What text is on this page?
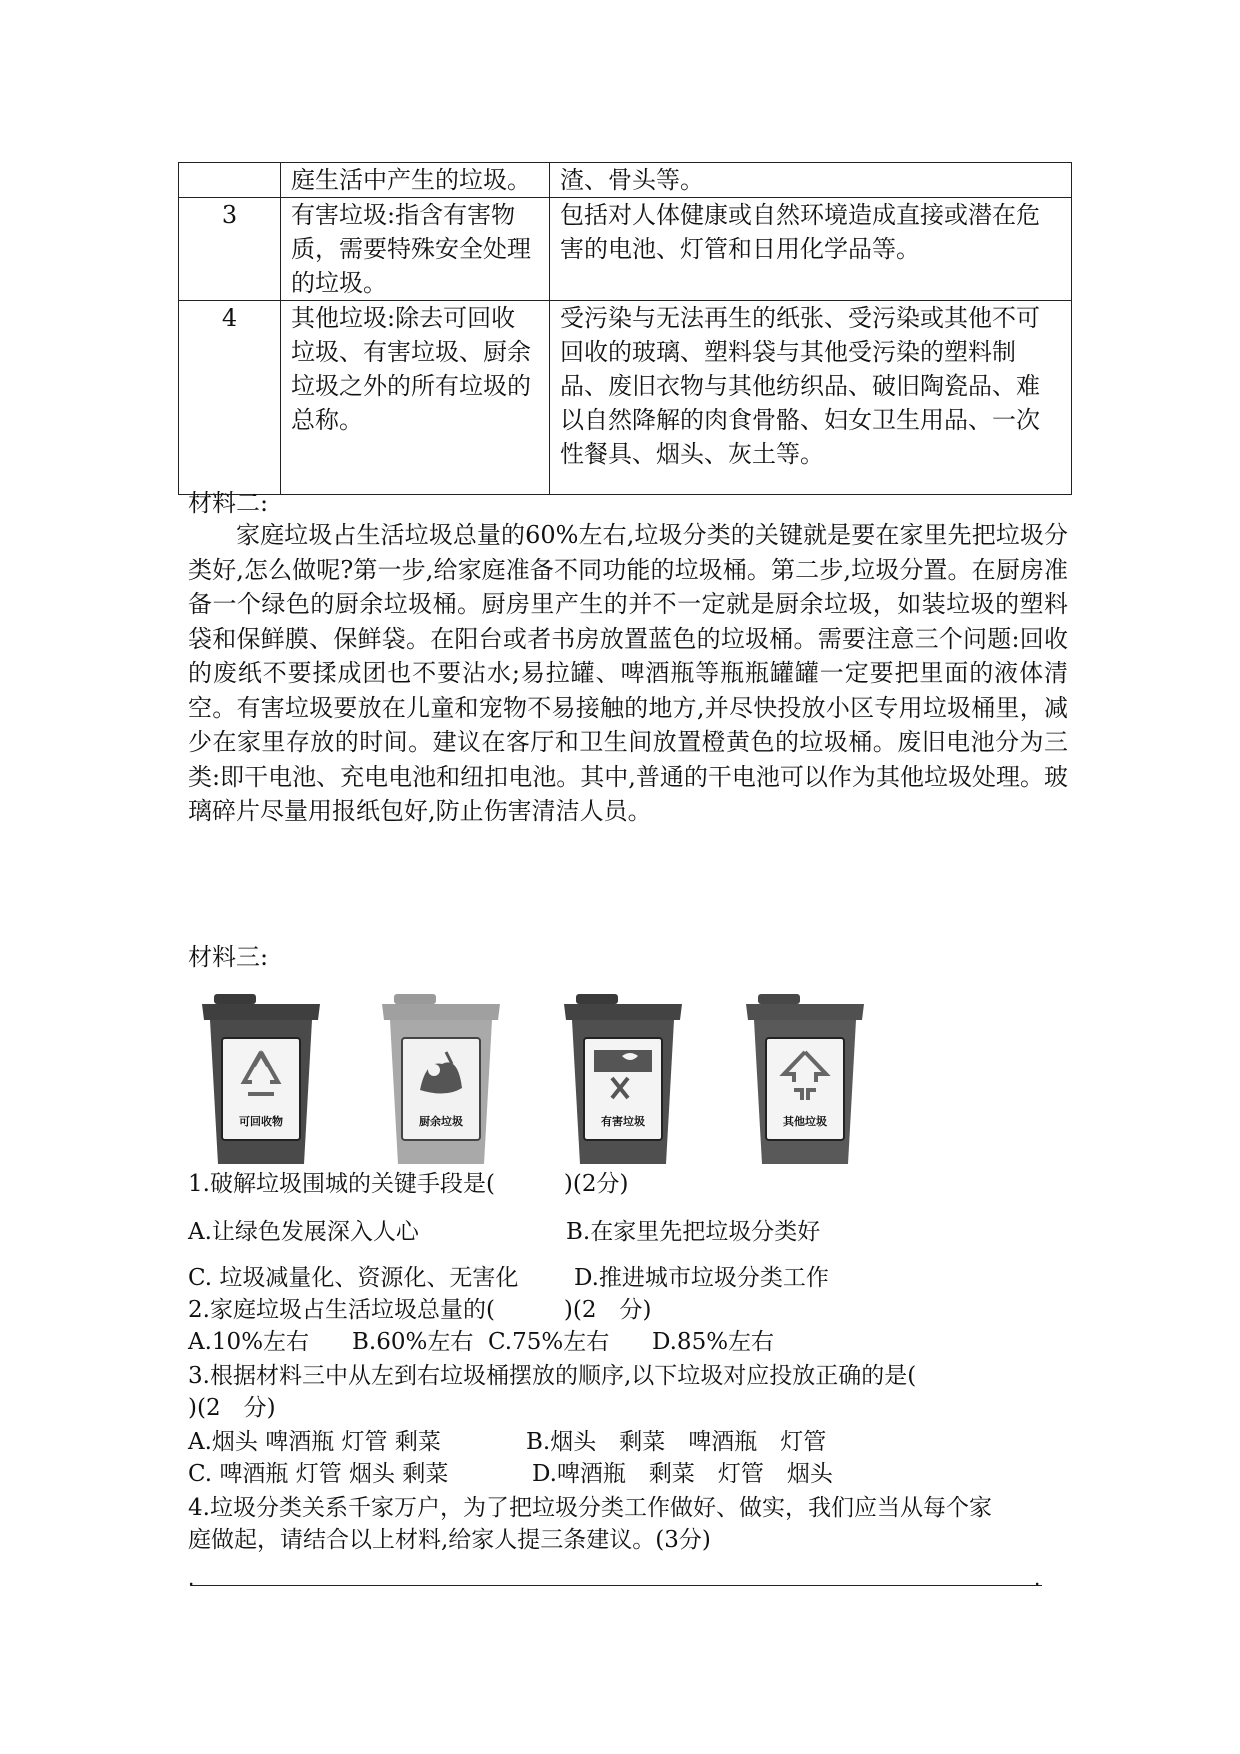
	庭生活中产生的垃圾。	渣、骨头等。
3	有害垃圾:指含有害物质，需要特殊安全处理的垃圾。	包括对人体健康或自然环境造成直接或潜在危害的电池、灯管和日用化学品等。
4	其他垃圾:除去可回收垃圾、有害垃圾、厨余垃圾之外的所有垃圾的总称。	受污染与无法再生的纸张、受污染或其他不可回收的玻璃、塑料袋与其他受污染的塑料制品、废旧衣物与其他纺织品、破旧陶瓷品、难以自然降解的肉食骨骼、妇女卫生用品、一次性餐具、烟头、灰土等。
材料二:

家庭垃圾占生活垃圾总量的60%左右,垃圾分类的关键就是要在家里先把垃圾分类好,怎么做呢?第一步,给家庭准备不同功能的垃圾桶。第二步,垃圾分置。在厨房准备一个绿色的厨余垃圾桶。厨房里产生的并不一定就是厨余垃圾，如装垃圾的塑料袋和保鲜膜、保鲜袋。在阳台或者书房放置蓝色的垃圾桶。需要注意三个问题:回收的废纸不要揉成团也不要沾水;易拉罐、啤酒瓶等瓶瓶罐罐一定要把里面的液体清空。有害垃圾要放在儿童和宠物不易接触的地方,并尽快投放小区专用垃圾桶里，减少在家里存放的时间。建议在客厅和卫生间放置橙黄色的垃圾桶。废旧电池分为三类:即干电池、充电电池和纽扣电池。其中,普通的干电池可以作为其他垃圾处理。玻璃碎片尽量用报纸包好,防止伤害清洁人员。

材料三:
可回收物	厨余垃圾	有害垃圾	其他垃圾
1.破解垃圾围城的关键手段是(　　　)(2分)
A.让绿色发展深入人心	B.在家里先把垃圾分类好
C. 垃圾减量化、资源化、无害化 D.推进城市垃圾分类工作
2.家庭垃圾占生活垃圾总量的(　　　)(2　分)
A.10%左右 B.60%左右 C.75%左右 D.85%左右
3.根据材料三中从左到右垃圾桶摆放的顺序,以下垃圾对应投放正确的是(
)(2　分)
A.烟头 啤酒瓶 灯管 剩菜	B.烟头　剩菜　啤酒瓶　灯管
C. 啤酒瓶 灯管 烟头 剩菜	D.啤酒瓶　剩菜　灯管　烟头
4.垃圾分类关系千家万户，为了把垃圾分类工作做好、做实，我们应当从每个家
庭做起，请结合以上材料,给家人提三条建议。(3分)
.	.
